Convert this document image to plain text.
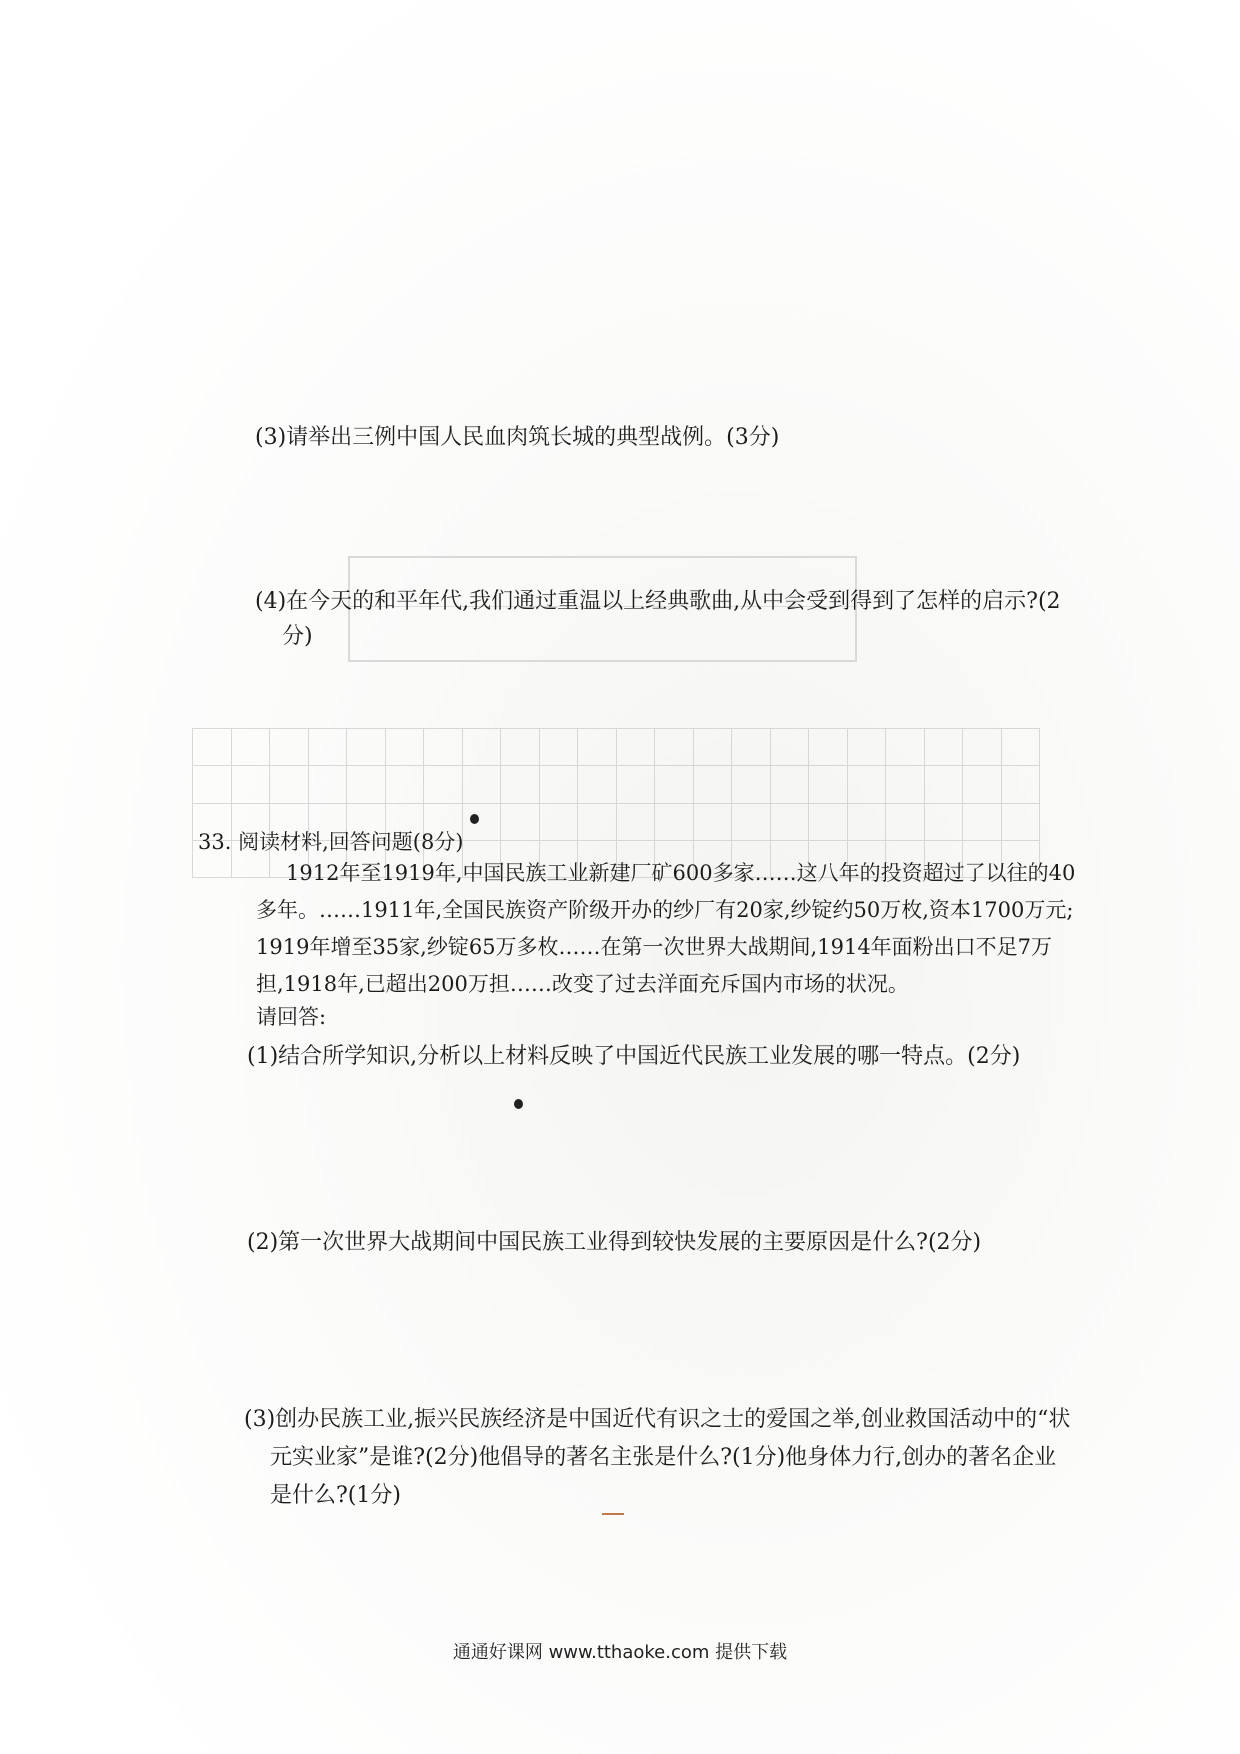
(3)请举出三例中国人民血肉筑长城的典型战例。(3分)
(4)在今天的和平年代,我们通过重温以上经典歌曲,从中会受到得到了怎样的启示?(2
分)
33. 阅读材料,回答问题(8分)
1912年至1919年,中国民族工业新建厂矿600多家……这八年的投资超过了以往的40
多年。……1911年,全国民族资产阶级开办的纱厂有20家,纱锭约50万枚,资本1700万元;
1919年增至35家,纱锭65万多枚……在第一次世界大战期间,1914年面粉出口不足7万
担,1918年,已超出200万担……改变了过去洋面充斥国内市场的状况。
请回答:
(1)结合所学知识,分析以上材料反映了中国近代民族工业发展的哪一特点。(2分)
(2)第一次世界大战期间中国民族工业得到较快发展的主要原因是什么?(2分)
(3)创办民族工业,振兴民族经济是中国近代有识之士的爱国之举,创业救国活动中的“状
元实业家”是谁?(2分)他倡导的著名主张是什么?(1分)他身体力行,创办的著名企业
是什么?(1分)
通通好课网 www.tthaoke.com 提供下载
